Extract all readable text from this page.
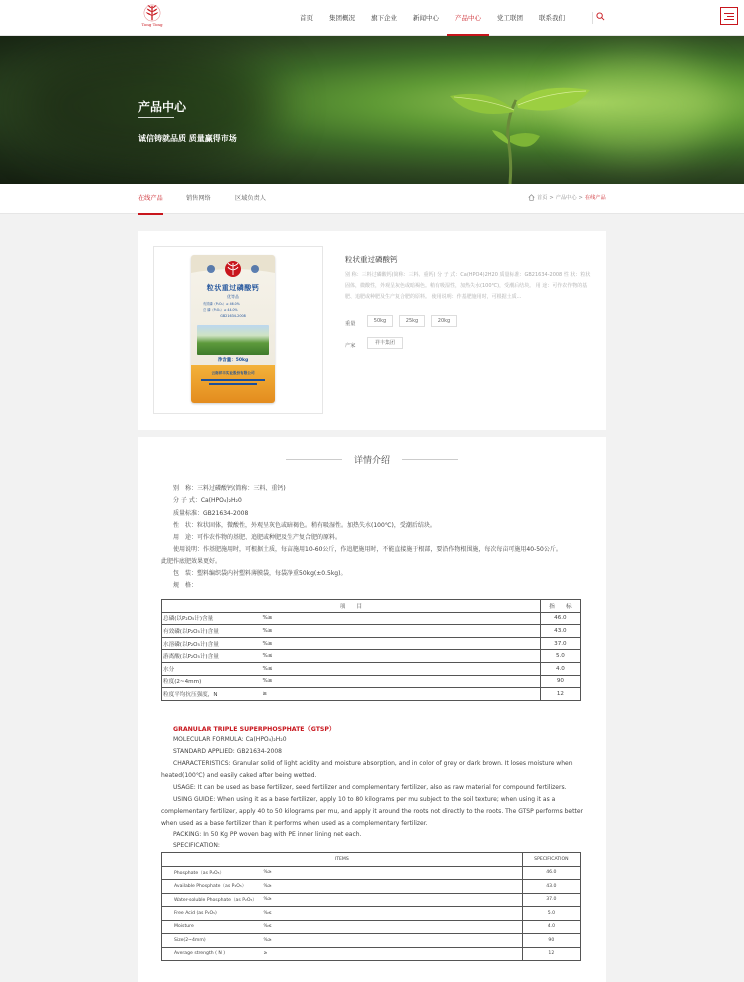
Tong Tong
首页	集团概况	旗下企业	新闻中心	产品中心	党工联团	联系我们
产品中心
诚信铸就品质 质量赢得市场
在线产品	销售网络	区域负责人	首页 > 产品中心 > 在线产品
粒状重过磷酸钙
优等品
有效磷（P₂O₅）≥ 46.0%
总 磷（P₂O₅）≥ 44.0%
GB21634-2008
净含量：50kg
云南祥丰实业股份有限公司
粒状重过磷酸钙
别 称：三料过磷酸钙(简称：三料、重钙) 分 子 式：Ca(HPO4)2H20 质量标准：GB21634-2008 性 状：粒状固体，微酸性，外观呈灰色或暗褐色。稍有吸湿性，加热失水(100℃)，受潮后结块。 用 途：可作农作物的基肥、追肥或种肥及生产复合肥的原料。 使用说明：作基肥施用时，可根据土质...
重量	50kg	25kg	20kg
产家	祥丰集团
详情介绍
别　称：三料过磷酸钙(简称：三料、重钙)
分 子 式：Ca(HPO₄)₂H₂0
质量标准：GB21634-2008
性　状：粒状固体，微酸性，外观呈灰色或暗褐色。稍有吸湿性。加热失水(100℃)，受潮后结块。
用　途：可作农作物的基肥、追肥或种肥及生产复合肥的原料。
使用说明：作基肥施用时，可根据土质，每亩施用10-60公斤，作追肥施用时，不能直接施于根部，要沿作物根围施，每次每亩可施用40-50公斤。
此肥作底肥效果更好。
包　装：塑料编织袋内衬塑料薄膜袋，每袋净重50kg(±0.5kg)。
规　格：
项　　目		指　　标
总磷(以P₂O₅计)含量	%≥	46.0
有效磷(以P₂O₅计)含量	%≥	43.0
水溶磷(以P₂O₅计)含量	%≥	37.0
游离酸(以P₂O₅计)含量	%≤	5.0
水分	%≤	4.0
粒度(2~4mm)	%≥	90
粒度平均抗压强度，N	≥	12
GRANULAR TRIPLE SUPERPHOSPHATE（GTSP）
MOLECULAR FORMULA: Ca(HPO₄)₂H₂0
STANDARD APPLIED: GB21634-2008
CHARACTERISTICS: Granular solid of light acidity and moisture absorption, and in color of grey or dark brown. It loses moisture when
heated(100℃) and easily caked after being wetted.
USAGE: It can be used as base fertilizer, seed fertilizer and complementary fertilizer, also as raw material for compound fertilizers.
USING GUIDE: When using it as a base fertilizer, apply 10 to 80 kilograms per mu subject to the soil texture; when using it as a
complementary fertilizer, apply 40 to 50 kilograms per mu, and apply it around the roots not directly to the roots. The GTSP performs better
when used as a base fertilizer than it performs when used as a complementary fertilizer.
PACKING: In 50 Kg PP woven bag with PE inner lining net each.
SPECIFICATION:
ITEMS		SPECIFICATION
Phosphate（as P₂O₅）	%≥	46.0
Available Phosphate（as P₂O₅）	%≥	43.0
Water-soluble Phosphate（as P₂O₅）	%≥	37.0
Free Acid (as P₂O₅)	%≤	5.0
Moisture	%≤	4.0
Size(2~4mm)	%≥	90
Average strength ( N )	≥	12
